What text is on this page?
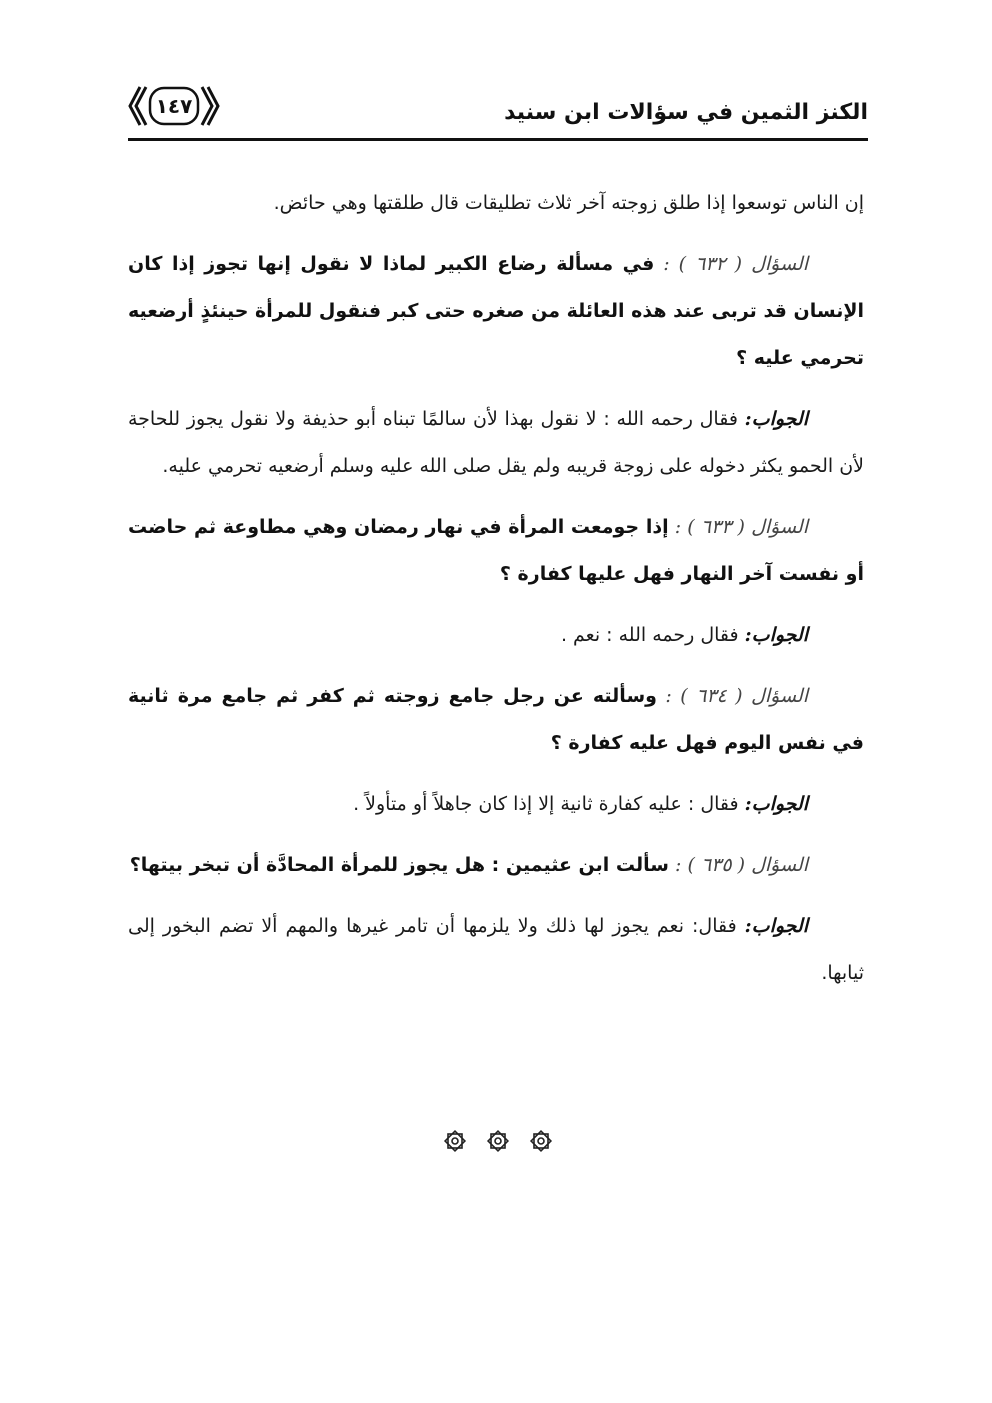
الكنز الثمين في سؤالات ابن سنيد
١٤٧

إن الناس توسعوا إذا طلق زوجته آخر ثلاث تطليقات قال طلقتها وهي حائض.

السؤال ( ٦٣٢ ) : في مسألة رضاع الكبير لماذا لا نقول إنها تجوز إذا كان الإنسان قد تربى عند هذه العائلة من صغره حتى كبر فنقول للمرأة حينئذٍ أرضعيه تحرمي عليه ؟

الجواب: فقال رحمه الله : لا نقول بهذا لأن سالمًا تبناه أبو حذيفة ولا نقول يجوز للحاجة لأن الحمو يكثر دخوله على زوجة قريبه ولم يقل صلى الله عليه وسلم أرضعيه تحرمي عليه.

السؤال ( ٦٣٣ ) : إذا جومعت المرأة في نهار رمضان وهي مطاوعة ثم حاضت أو نفست آخر النهار فهل عليها كفارة ؟

الجواب: فقال رحمه الله : نعم .

السؤال ( ٦٣٤ ) : وسألته عن رجل جامع زوجته ثم كفر ثم جامع مرة ثانية في نفس اليوم فهل عليه كفارة ؟

الجواب: فقال : عليه كفارة ثانية إلا إذا كان جاهلاً أو متأولاً .

السؤال ( ٦٣٥ ) : سألت ابن عثيمين : هل يجوز للمرأة المحادَّة أن تبخر بيتها؟

الجواب: فقال: نعم يجوز لها ذلك ولا يلزمها أن تامر غيرها والمهم ألا تضم البخور إلى ثيابها.
